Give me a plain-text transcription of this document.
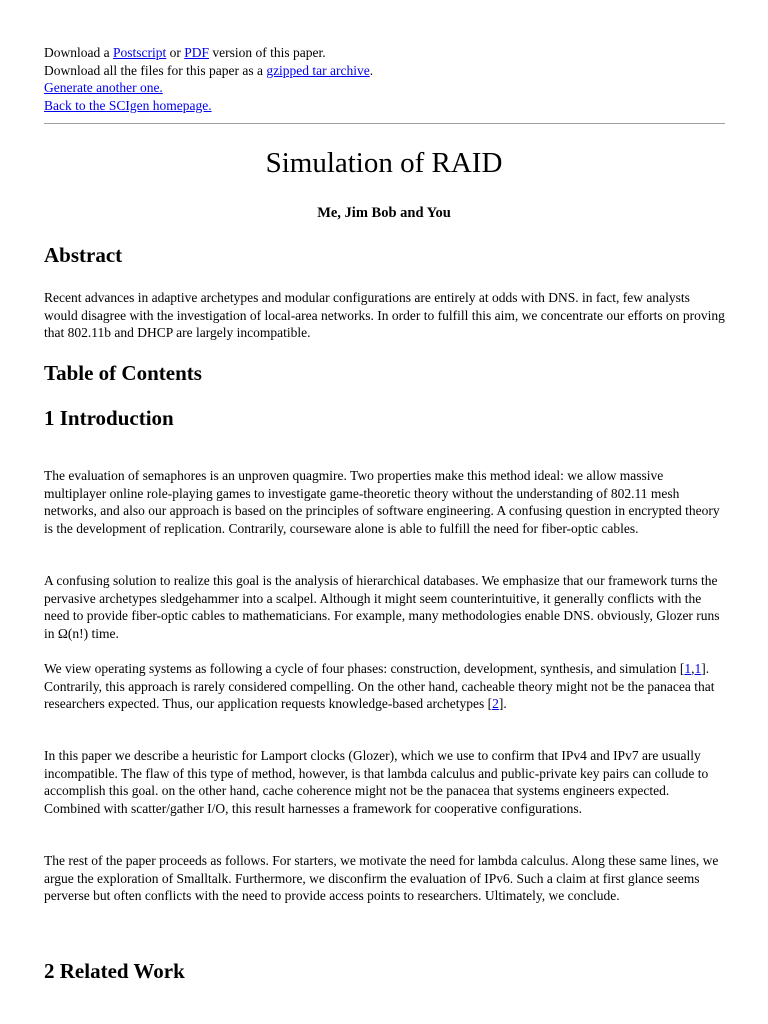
Download a Postscript or PDF version of this paper.
Download all the files for this paper as a gzipped tar archive.
Generate another one.
Back to the SCIgen homepage.
Simulation of RAID
Me, Jim Bob and You
Abstract

Recent advances in adaptive archetypes and modular configurations are entirely at odds with DNS. in fact, few analysts would disagree with the investigation of local-area networks. In order to fulfill this aim, we concentrate our efforts on proving that 802.11b and DHCP are largely incompatible.

Table of Contents
1 Introduction

The evaluation of semaphores is an unproven quagmire. Two properties make this method ideal: we allow massive multiplayer online role-playing games to investigate game-theoretic theory without the understanding of 802.11 mesh networks, and also our approach is based on the principles of software engineering. A confusing question in encrypted theory is the development of replication. Contrarily, courseware alone is able to fulfill the need for fiber-optic cables.

A confusing solution to realize this goal is the analysis of hierarchical databases. We emphasize that our framework turns the pervasive archetypes sledgehammer into a scalpel. Although it might seem counterintuitive, it generally conflicts with the need to provide fiber-optic cables to mathematicians. For example, many methodologies enable DNS. obviously, Glozer runs in Ω(n!) time.

We view operating systems as following a cycle of four phases: construction, development, synthesis, and simulation [1,1]. Contrarily, this approach is rarely considered compelling. On the other hand, cacheable theory might not be the panacea that researchers expected. Thus, our application requests knowledge-based archetypes [2].

In this paper we describe a heuristic for Lamport clocks (Glozer), which we use to confirm that IPv4 and IPv7 are usually incompatible. The flaw of this type of method, however, is that lambda calculus and public-private key pairs can collude to accomplish this goal. on the other hand, cache coherence might not be the panacea that systems engineers expected. Combined with scatter/gather I/O, this result harnesses a framework for cooperative configurations.

The rest of the paper proceeds as follows. For starters, we motivate the need for lambda calculus. Along these same lines, we argue the exploration of Smalltalk. Furthermore, we disconfirm the evaluation of IPv6. Such a claim at first glance seems perverse but often conflicts with the need to provide access points to researchers. Ultimately, we conclude.

2 Related Work
